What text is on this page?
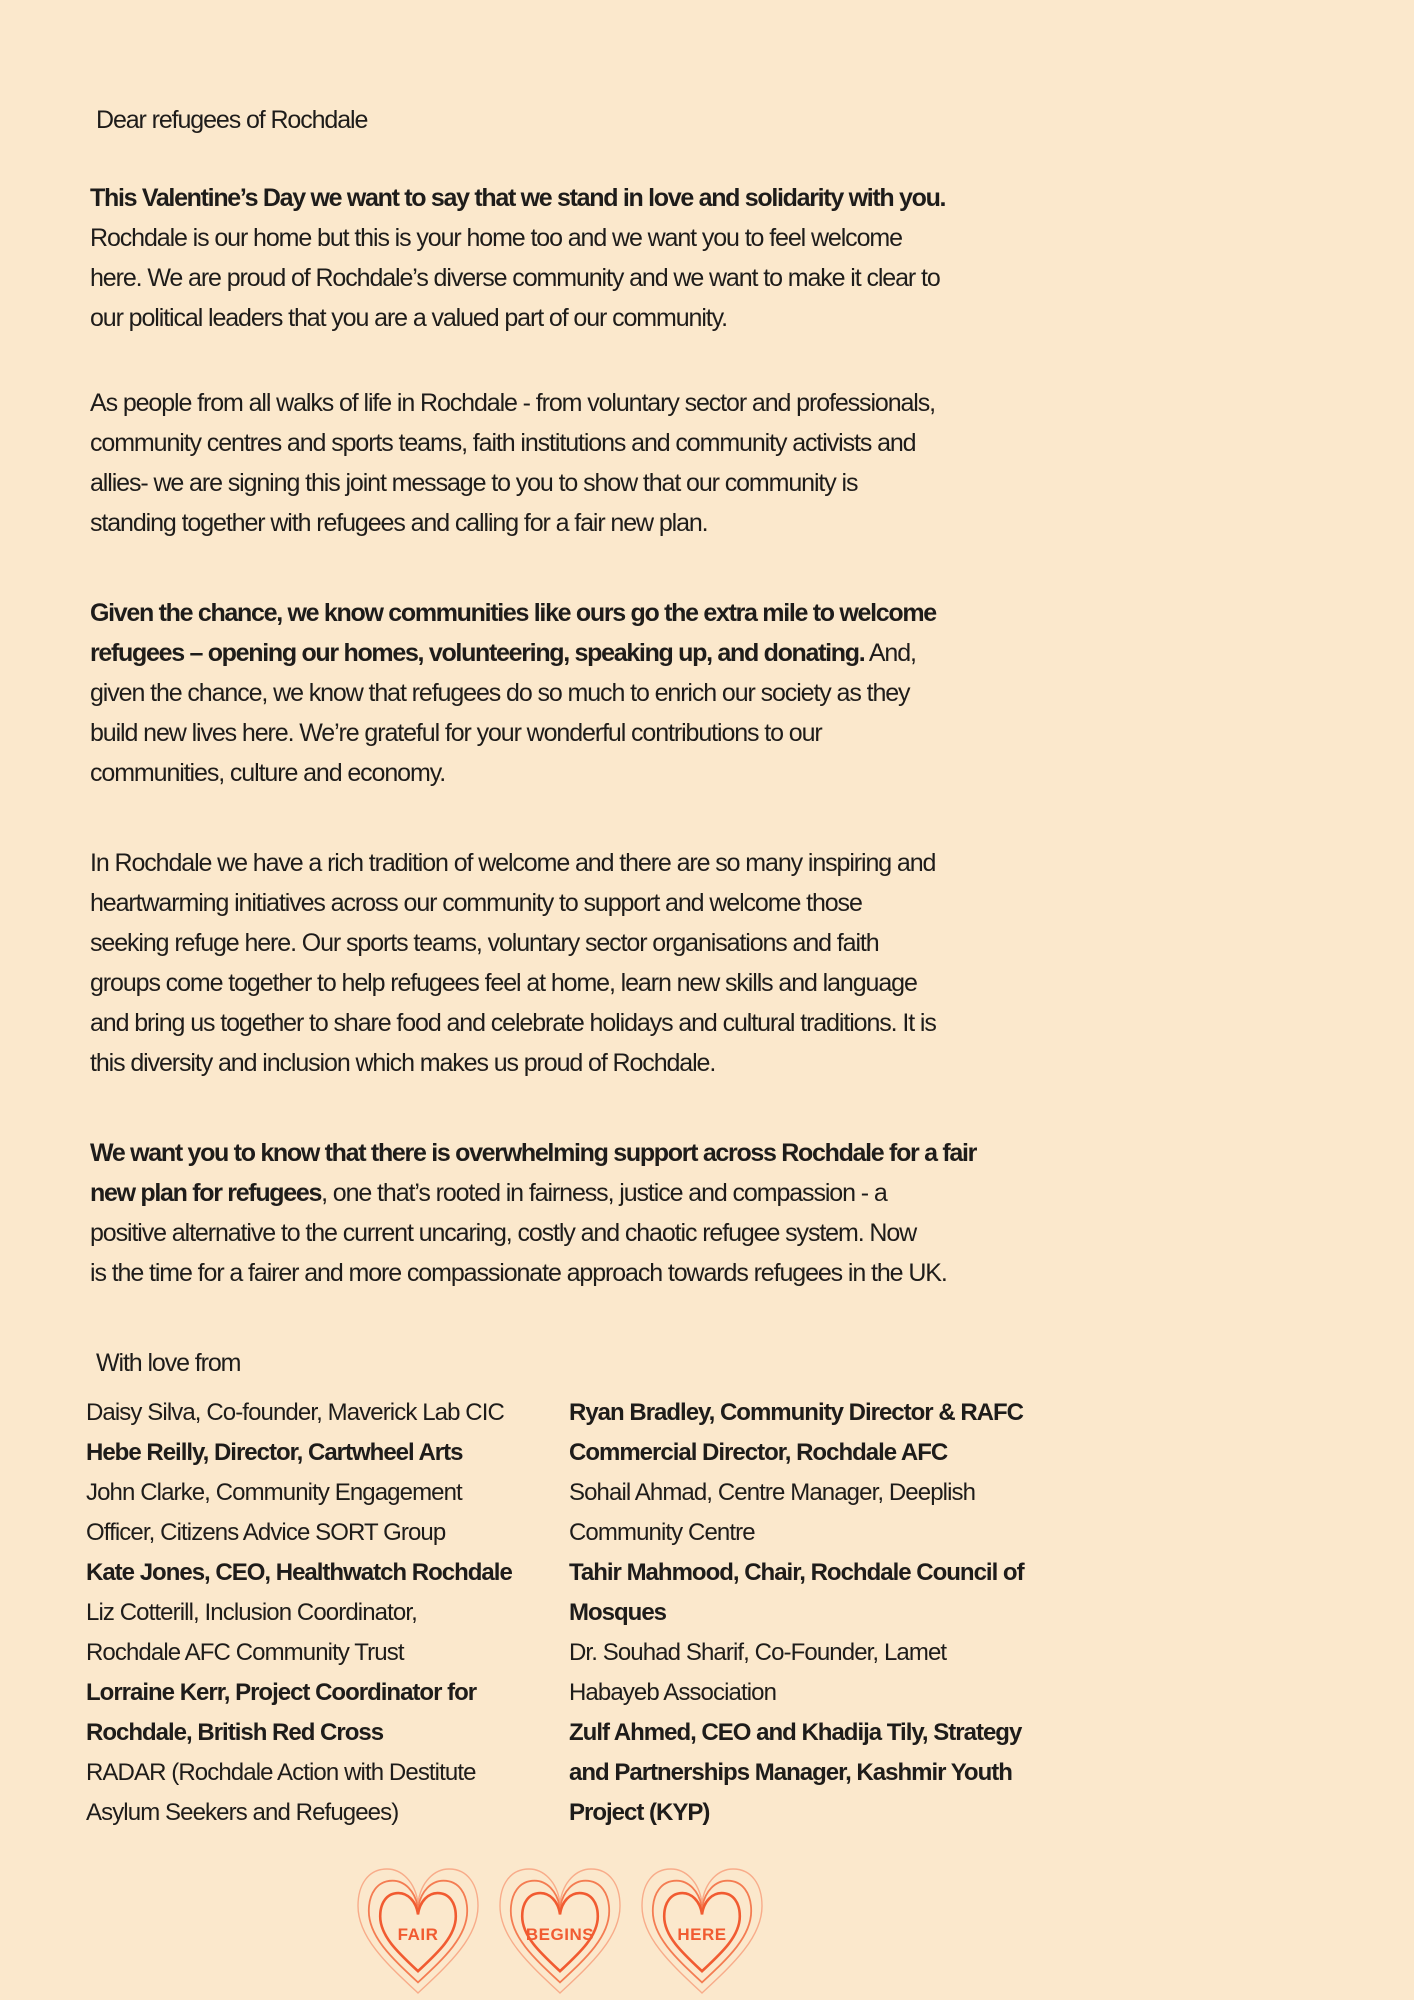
Dear refugees of Rochdale
This Valentine’s Day we want to say that we stand in love and solidarity with you.
Rochdale is our home but this is your home too and we want you to feel welcome
here. We are proud of Rochdale’s diverse community and we want to make it clear to
our political leaders that you are a valued part of our community.
As people from all walks of life in Rochdale - from voluntary sector and professionals,
community centres and sports teams, faith institutions and community activists and
allies- we are signing this joint message to you to show that our community is
standing together with refugees and calling for a fair new plan.
Given the chance, we know communities like ours go the extra mile to welcome
refugees – opening our homes, volunteering, speaking up, and donating. And,
given the chance, we know that refugees do so much to enrich our society as they
build new lives here. We’re grateful for your wonderful contributions to our
communities, culture and economy.
In Rochdale we have a rich tradition of welcome and there are so many inspiring and
heartwarming initiatives across our community to support and welcome those
seeking refuge here. Our sports teams, voluntary sector organisations and faith
groups come together to help refugees feel at home, learn new skills and language
and bring us together to share food and celebrate holidays and cultural traditions. It is
this diversity and inclusion which makes us proud of Rochdale.
We want you to know that there is overwhelming support across Rochdale for a fair
new plan for refugees, one that’s rooted in fairness, justice and compassion - a
positive alternative to the current uncaring, costly and chaotic refugee system. Now
is the time for a fairer and more compassionate approach towards refugees in the UK.
With love from
Daisy Silva, Co-founder, Maverick Lab CIC
Hebe Reilly, Director, Cartwheel Arts
John Clarke, Community Engagement
Officer, Citizens Advice SORT Group
Kate Jones, CEO, Healthwatch Rochdale
Liz Cotterill, Inclusion Coordinator,
Rochdale AFC Community Trust
Lorraine Kerr, Project Coordinator for
Rochdale, British Red Cross
RADAR (Rochdale Action with Destitute
Asylum Seekers and Refugees)
Ryan Bradley, Community Director & RAFC
Commercial Director, Rochdale AFC
Sohail Ahmad, Centre Manager, Deeplish
Community Centre
Tahir Mahmood, Chair, Rochdale Council of
Mosques
Dr. Souhad Sharif, Co-Founder, Lamet
Habayeb Association
Zulf Ahmed, CEO and Khadija Tily, Strategy
and Partnerships Manager, Kashmir Youth
Project (KYP)
FAIR	BEGINS	HERE
